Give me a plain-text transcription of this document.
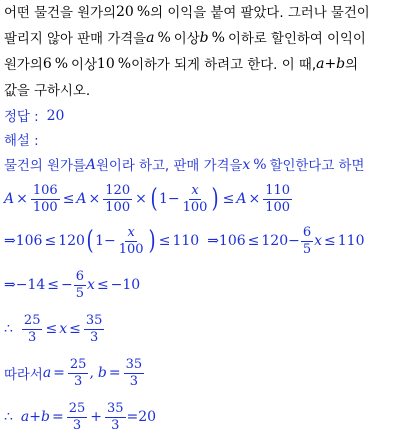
어떤 물건을 원가의 20 % 의 이익을 붙여 팔았다. 그러나 물건이
팔리지 않아 판매 가격을 a % 이상 b % 이하로 할인하여 이익이
원가의 6 % 이상 10 % 이하가 되게 하려고 한다. 이 때, a+b 의
값을 구하시오.
정답 : 20
해설 :
물건의 원가를 A 원이라 하고, 판매 가격을 x % 할인한다고 하면
$A \times \frac{106}{100} \le A \times \frac{120}{100}$ × ( $1- \frac{x}{100}$ ) ≤ $A \times \frac{110}{100}$
⇒ 106 ≤ 120 ( $1- \frac{x}{100}$ ) ≤ 110 ⇒ $106 \le 120- \frac{6}{5}$ x ≤ 110
⇒ −14 ≤ − $\frac{6}{5}$ x ≤ −10
∴ $\frac{25}{3} \le x \le \frac{35}{3}$
따라서 $a = \frac{25}{3}$ , $b = \frac{35}{3}$
∴ $a+b = \frac{25}{3} + \frac{35}{3} =20$
